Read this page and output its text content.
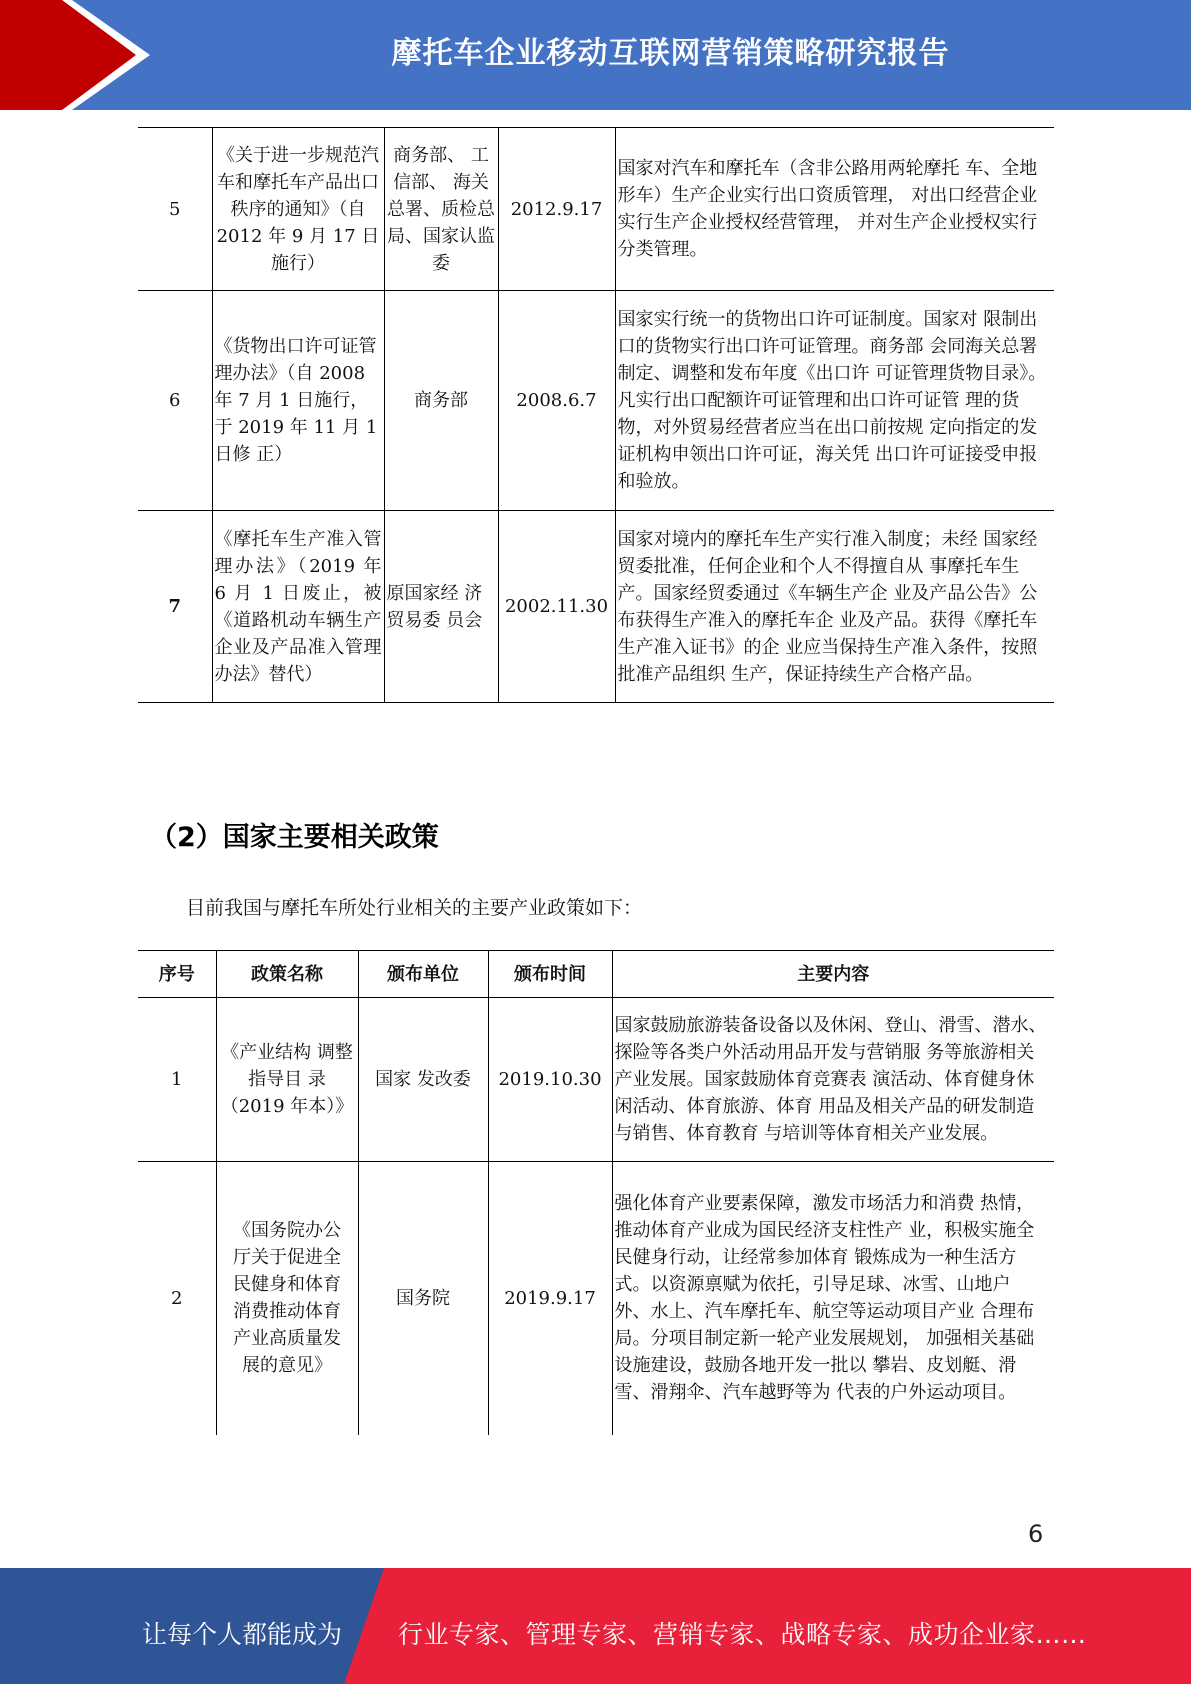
摩托车企业移动互联网营销策略研究报告
5	《关于进一步规范汽车和摩托车产品出口秩序的通知》（自 2012 年 9 月 17 日施行）	商务部、 工信部、 海关总署、质检总局、国家认监委	2012.9.17	国家对汽车和摩托车（含非公路用两轮摩托 车、全地形车）生产企业实行出口资质管理， 对出口经营企业实行生产企业授权经营管理， 并对生产企业授权实行分类管理。
6	《货物出口许可证管理办法》（自 2008 年 7 月 1 日施行，于 2019 年 11 月 1 日修 正）	商务部	2008.6.7	国家实行统一的货物出口许可证制度。国家对 限制出口的货物实行出口许可证管理。商务部 会同海关总署制定、调整和发布年度《出口许 可证管理货物目录》。凡实行出口配额许可证管理和出口许可证管 理的货物，对外贸易经营者应当在出口前按规 定向指定的发证机构申领出口许可证，海关凭 出口许可证接受申报和验放。
7	《摩托车生产准入管理办法》（2019 年 6 月 1 日废止，被《道路机动车辆生产企业及产品准入管理办法》替代）	原国家经 济贸易委 员会	2002.11.30	国家对境内的摩托车生产实行准入制度；未经 国家经贸委批准，任何企业和个人不得擅自从 事摩托车生产。国家经贸委通过《车辆生产企 业及产品公告》公布获得生产准入的摩托车企 业及产品。获得《摩托车生产准入证书》的企 业应当保持生产准入条件，按照批准产品组织 生产，保证持续生产合格产品。
（2）国家主要相关政策
目前我国与摩托车所处行业相关的主要产业政策如下：
序号	政策名称	颁布单位	颁布时间	主要内容
1	《产业结构 调整指导目 录（2019 年本）》	国家 发改委	2019.10.30	国家鼓励旅游装备设备以及休闲、登山、滑雪、潜水、探险等各类户外活动用品开发与营销服 务等旅游相关产业发展。国家鼓励体育竞赛表 演活动、体育健身休闲活动、体育旅游、体育 用品及相关产品的研发制造与销售、体育教育 与培训等体育相关产业发展。
2	《国务院办公厅关于促进全民健身和体育消费推动体育产业高质量发展的意见》	国务院	2019.9.17	强化体育产业要素保障，激发市场活力和消费 热情，推动体育产业成为国民经济支柱性产 业，积极实施全民健身行动，让经常参加体育 锻炼成为一种生活方式。以资源禀赋为依托，引导足球、冰雪、山地户 外、水上、汽车摩托车、航空等运动项目产业 合理布局。分项目制定新一轮产业发展规划， 加强相关基础设施建设，鼓励各地开发一批以 攀岩、皮划艇、滑雪、滑翔伞、汽车越野等为 代表的户外运动项目。
6
让每个人都能成为 行业专家、管理专家、营销专家、战略专家、成功企业家……
